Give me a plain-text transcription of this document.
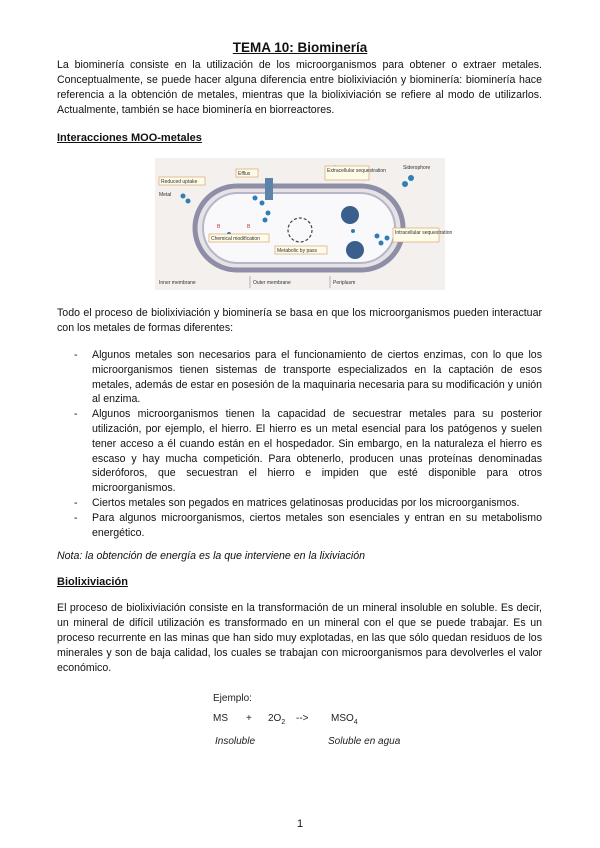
TEMA 10: Biominería

La biominería consiste en la utilización de los microorganismos para obtener o extraer metales. Conceptualmente, se puede hacer alguna diferencia entre biolixiviación y biominería: biominería hace referencia a la obtención de metales, mientras que la biolixiviación se refiere al modo de utilizarlos. Actualmente, también se hace biominería en biorreactores.

Interacciones MOO-metales
Reduced uptake
Metal
Efflux	Extracellular sequestration	Siderophore
Chemical modification
Metabolic by pass
Intracellular sequestration
B	B
Inner membrane	Outer membrane	Periplasm

Todo el proceso de biolixiviación y biominería se basa en que los microorganismos pueden interactuar con los metales de formas diferentes:

- Algunos metales son necesarios para el funcionamiento de ciertos enzimas, con lo que los microorganismos tienen sistemas de transporte especializados en la captación de esos metales, además de estar en posesión de la maquinaria necesaria para su modificación y unión al enzima.
- Algunos microorganismos tienen la capacidad de secuestrar metales para su posterior utilización, por ejemplo, el hierro. El hierro es un metal esencial para los patógenos y suelen tener acceso a él cuando están en el hospedador. Sin embargo, en la naturaleza el hierro es escaso y hay mucha competición. Para obtenerlo, producen unas proteínas denominadas sideróforos, que secuestran el hierro e impiden que esté disponible para otros microorganismos.
- Ciertos metales son pegados en matrices gelatinosas producidas por los microorganismos.
- Para algunos microorganismos, ciertos metales son esenciales y entran en su metabolismo energético.
Nota: la obtención de energía es la que interviene en la lixiviación
Biolixiviación

El proceso de biolixiviación consiste en la transformación de un mineral insoluble en soluble. Es decir, un mineral de difícil utilización es transformado en un mineral con el que se puede trabajar. Es un proceso recurrente en las minas que han sido muy explotadas, en las que sólo quedan residuos de los minerales y son de baja calidad, los cuales se trabajan con microorganismos para devolverles el valor económico.

Ejemplo:
MS + $2O_2$ --> $MSO_4$
Insoluble	Soluble en agua
1
